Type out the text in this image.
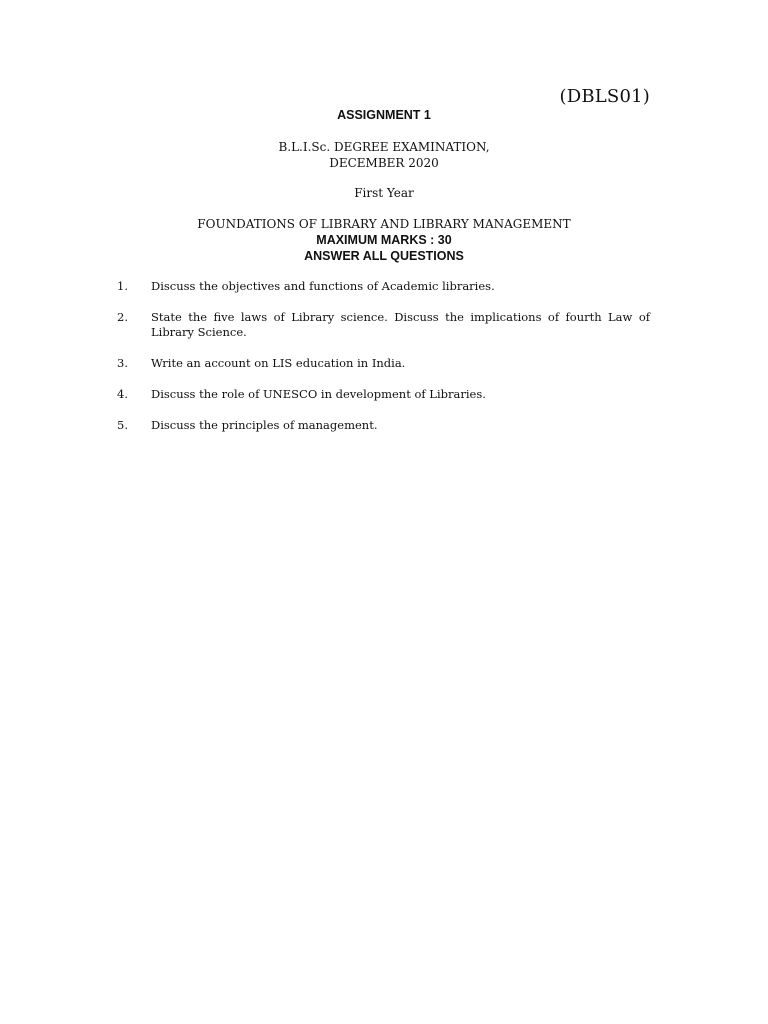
(DBLS01)
ASSIGNMENT 1
B.L.I.Sc. DEGREE EXAMINATION,
DECEMBER 2020
First Year
FOUNDATIONS OF LIBRARY AND LIBRARY MANAGEMENT
MAXIMUM MARKS : 30
ANSWER ALL QUESTIONS
1.	Discuss the objectives and functions of Academic libraries.
2.	State the five laws of Library science. Discuss the implications of fourth Law of Library Science.
3.	Write an account on LIS education in India.
4.	Discuss the role of UNESCO in development of Libraries.
5.	Discuss the principles of management.
